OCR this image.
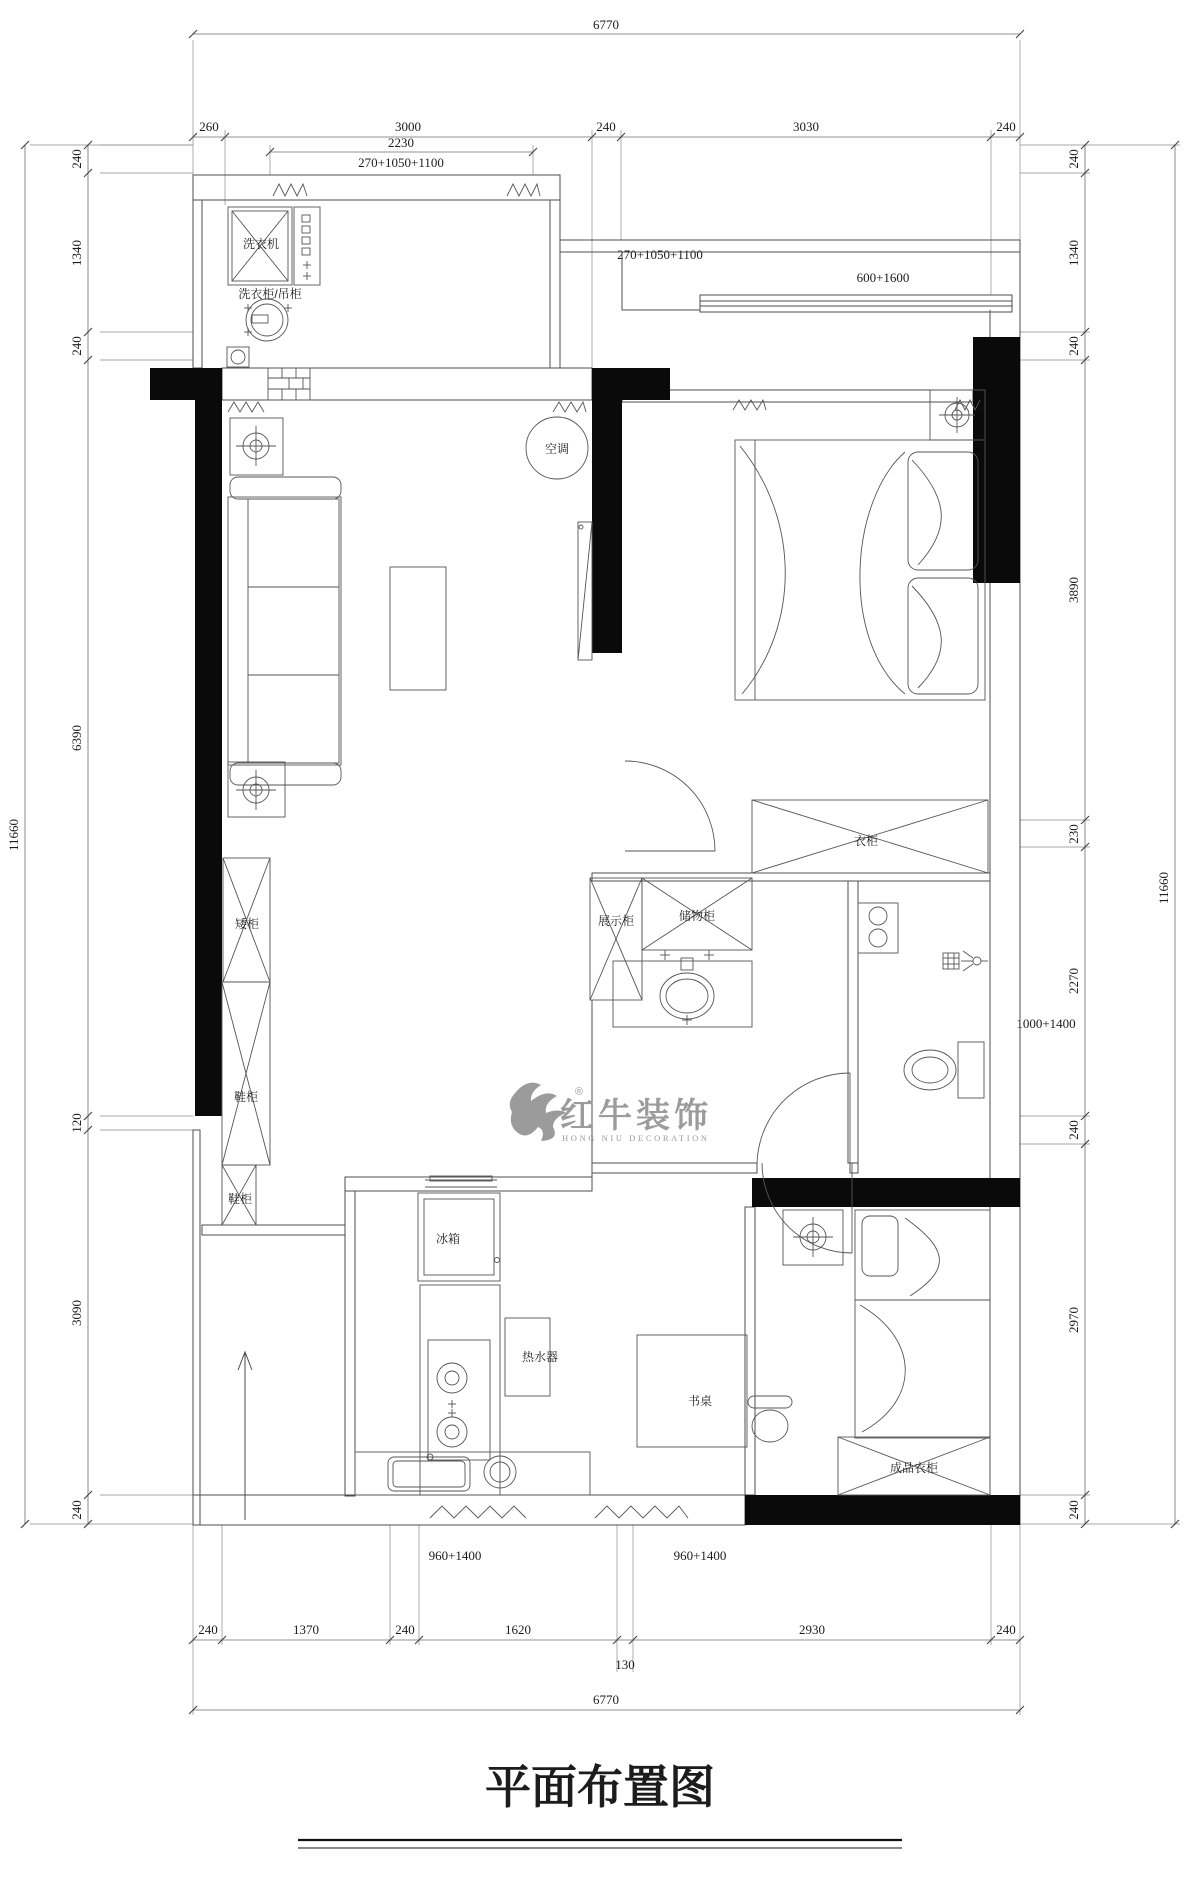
6770
260	3000	240	3030	240
2230
270+1050+1100
270+1050+1100
600+1600
240
1340
240
6390
120
3090
240
11660
240
1340
240
3890
230
2270
240
2970
240
11660
1000+1400
240	1370	240	1620
130
2930	240
6770
960+1400	960+1400
洗衣机
洗衣柜/吊柜
空调
衣柜
展示柜	储物柜
矮柜
鞋柜
鞋柜
冰箱
书桌
热水器
成品衣柜
®
红牛装饰
HONG NIU DECORATION
平面布置图
